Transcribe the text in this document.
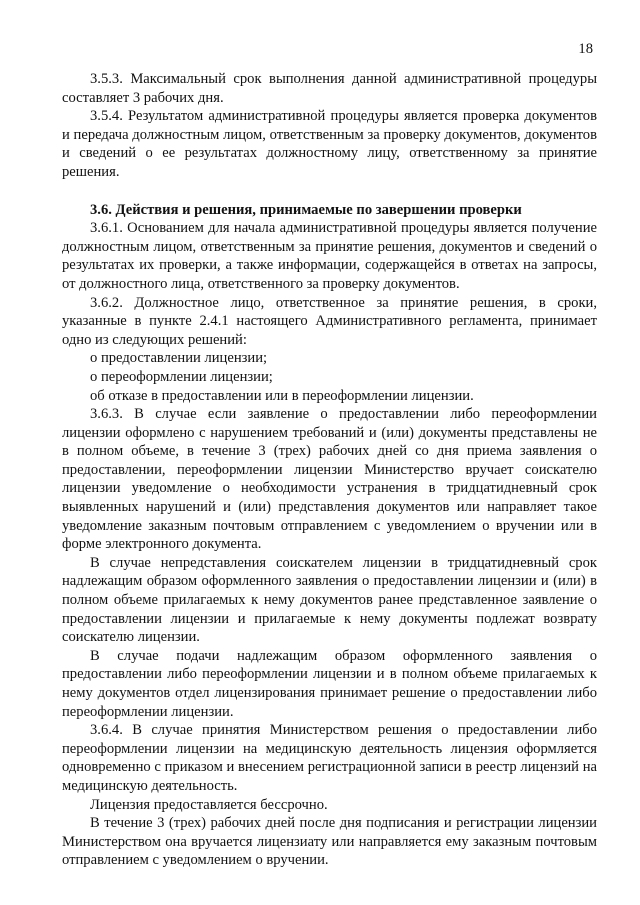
18

3.5.3. Максимальный срок выполнения данной административной процедуры составляет 3 рабочих дня.

3.5.4. Результатом административной процедуры является проверка документов и передача должностным лицом, ответственным за проверку документов, документов и сведений о ее результатах должностному лицу, ответственному за принятие решения.

3.6. Действия и решения, принимаемые по завершении проверки

3.6.1. Основанием для начала административной процедуры является получение должностным лицом, ответственным за принятие решения, документов и сведений о результатах их проверки, а также информации, содержащейся в ответах на запросы, от должностного лица, ответственного за проверку документов.

3.6.2. Должностное лицо, ответственное за принятие решения, в сроки, указанные в пункте 2.4.1 настоящего Административного регламента, принимает одно из следующих решений:

о предоставлении лицензии;

о переоформлении лицензии;

об отказе в предоставлении или в переоформлении лицензии.

3.6.3. В случае если заявление о предоставлении либо переоформлении лицензии оформлено с нарушением требований и (или) документы представлены не в полном объеме, в течение 3 (трех) рабочих дней со дня приема заявления о предоставлении, переоформлении лицензии Министерство вручает соискателю лицензии уведомление о необходимости устранения в тридцатидневный срок выявленных нарушений и (или) представления документов или направляет такое уведомление заказным почтовым отправлением с уведомлением о вручении или в форме электронного документа.

В случае непредставления соискателем лицензии в тридцатидневный срок надлежащим образом оформленного заявления о предоставлении лицензии и (или) в полном объеме прилагаемых к нему документов ранее представленное заявление о предоставлении лицензии и прилагаемые к нему документы подлежат возврату соискателю лицензии.

В случае подачи надлежащим образом оформленного заявления о предоставлении либо переоформлении лицензии и в полном объеме прилагаемых к нему документов отдел лицензирования принимает решение о предоставлении либо переоформлении лицензии.

3.6.4. В случае принятия Министерством решения о предоставлении либо переоформлении лицензии на медицинскую деятельность лицензия оформляется одновременно с приказом и внесением регистрационной записи в реестр лицензий на медицинскую деятельность.

Лицензия предоставляется бессрочно.

В течение 3 (трех) рабочих дней после дня подписания и регистрации лицензии Министерством она вручается лицензиату или направляется ему заказным почтовым отправлением с уведомлением о вручении.
